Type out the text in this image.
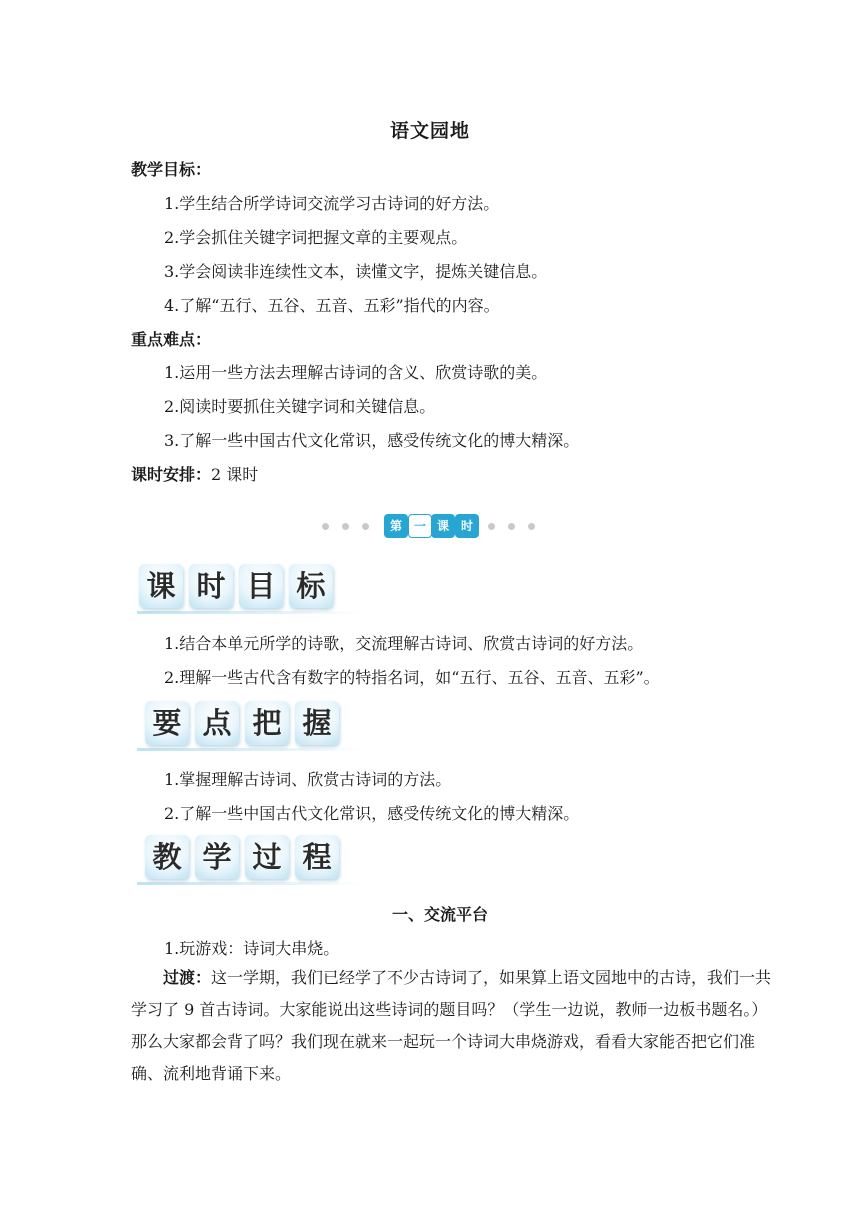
语文园地
教学目标：
1.学生结合所学诗词交流学习古诗词的好方法。
2.学会抓住关键字词把握文章的主要观点。
3.学会阅读非连续性文本，读懂文字，提炼关键信息。
4.了解“五行、五谷、五音、五彩”指代的内容。
重点难点：
1.运用一些方法去理解古诗词的含义、欣赏诗歌的美。
2.阅读时要抓住关键字词和关键信息。
3.了解一些中国古代文化常识，感受传统文化的博大精深。
课时安排：2 课时
第 一 课 时
课 时 目 标
1.结合本单元所学的诗歌，交流理解古诗词、欣赏古诗词的好方法。
2.理解一些古代含有数字的特指名词，如“五行、五谷、五音、五彩”。
要 点 把 握
1.掌握理解古诗词、欣赏古诗词的方法。
2.了解一些中国古代文化常识，感受传统文化的博大精深。
教 学 过 程
一、交流平台
1.玩游戏：诗词大串烧。
过渡：这一学期，我们已经学了不少古诗词了，如果算上语文园地中的古诗，我们一共学习了 9 首古诗词。大家能说出这些诗词的题目吗？（学生一边说，教师一边板书题名。）那么大家都会背了吗？我们现在就来一起玩一个诗词大串烧游戏，看看大家能否把它们准确、流利地背诵下来。
